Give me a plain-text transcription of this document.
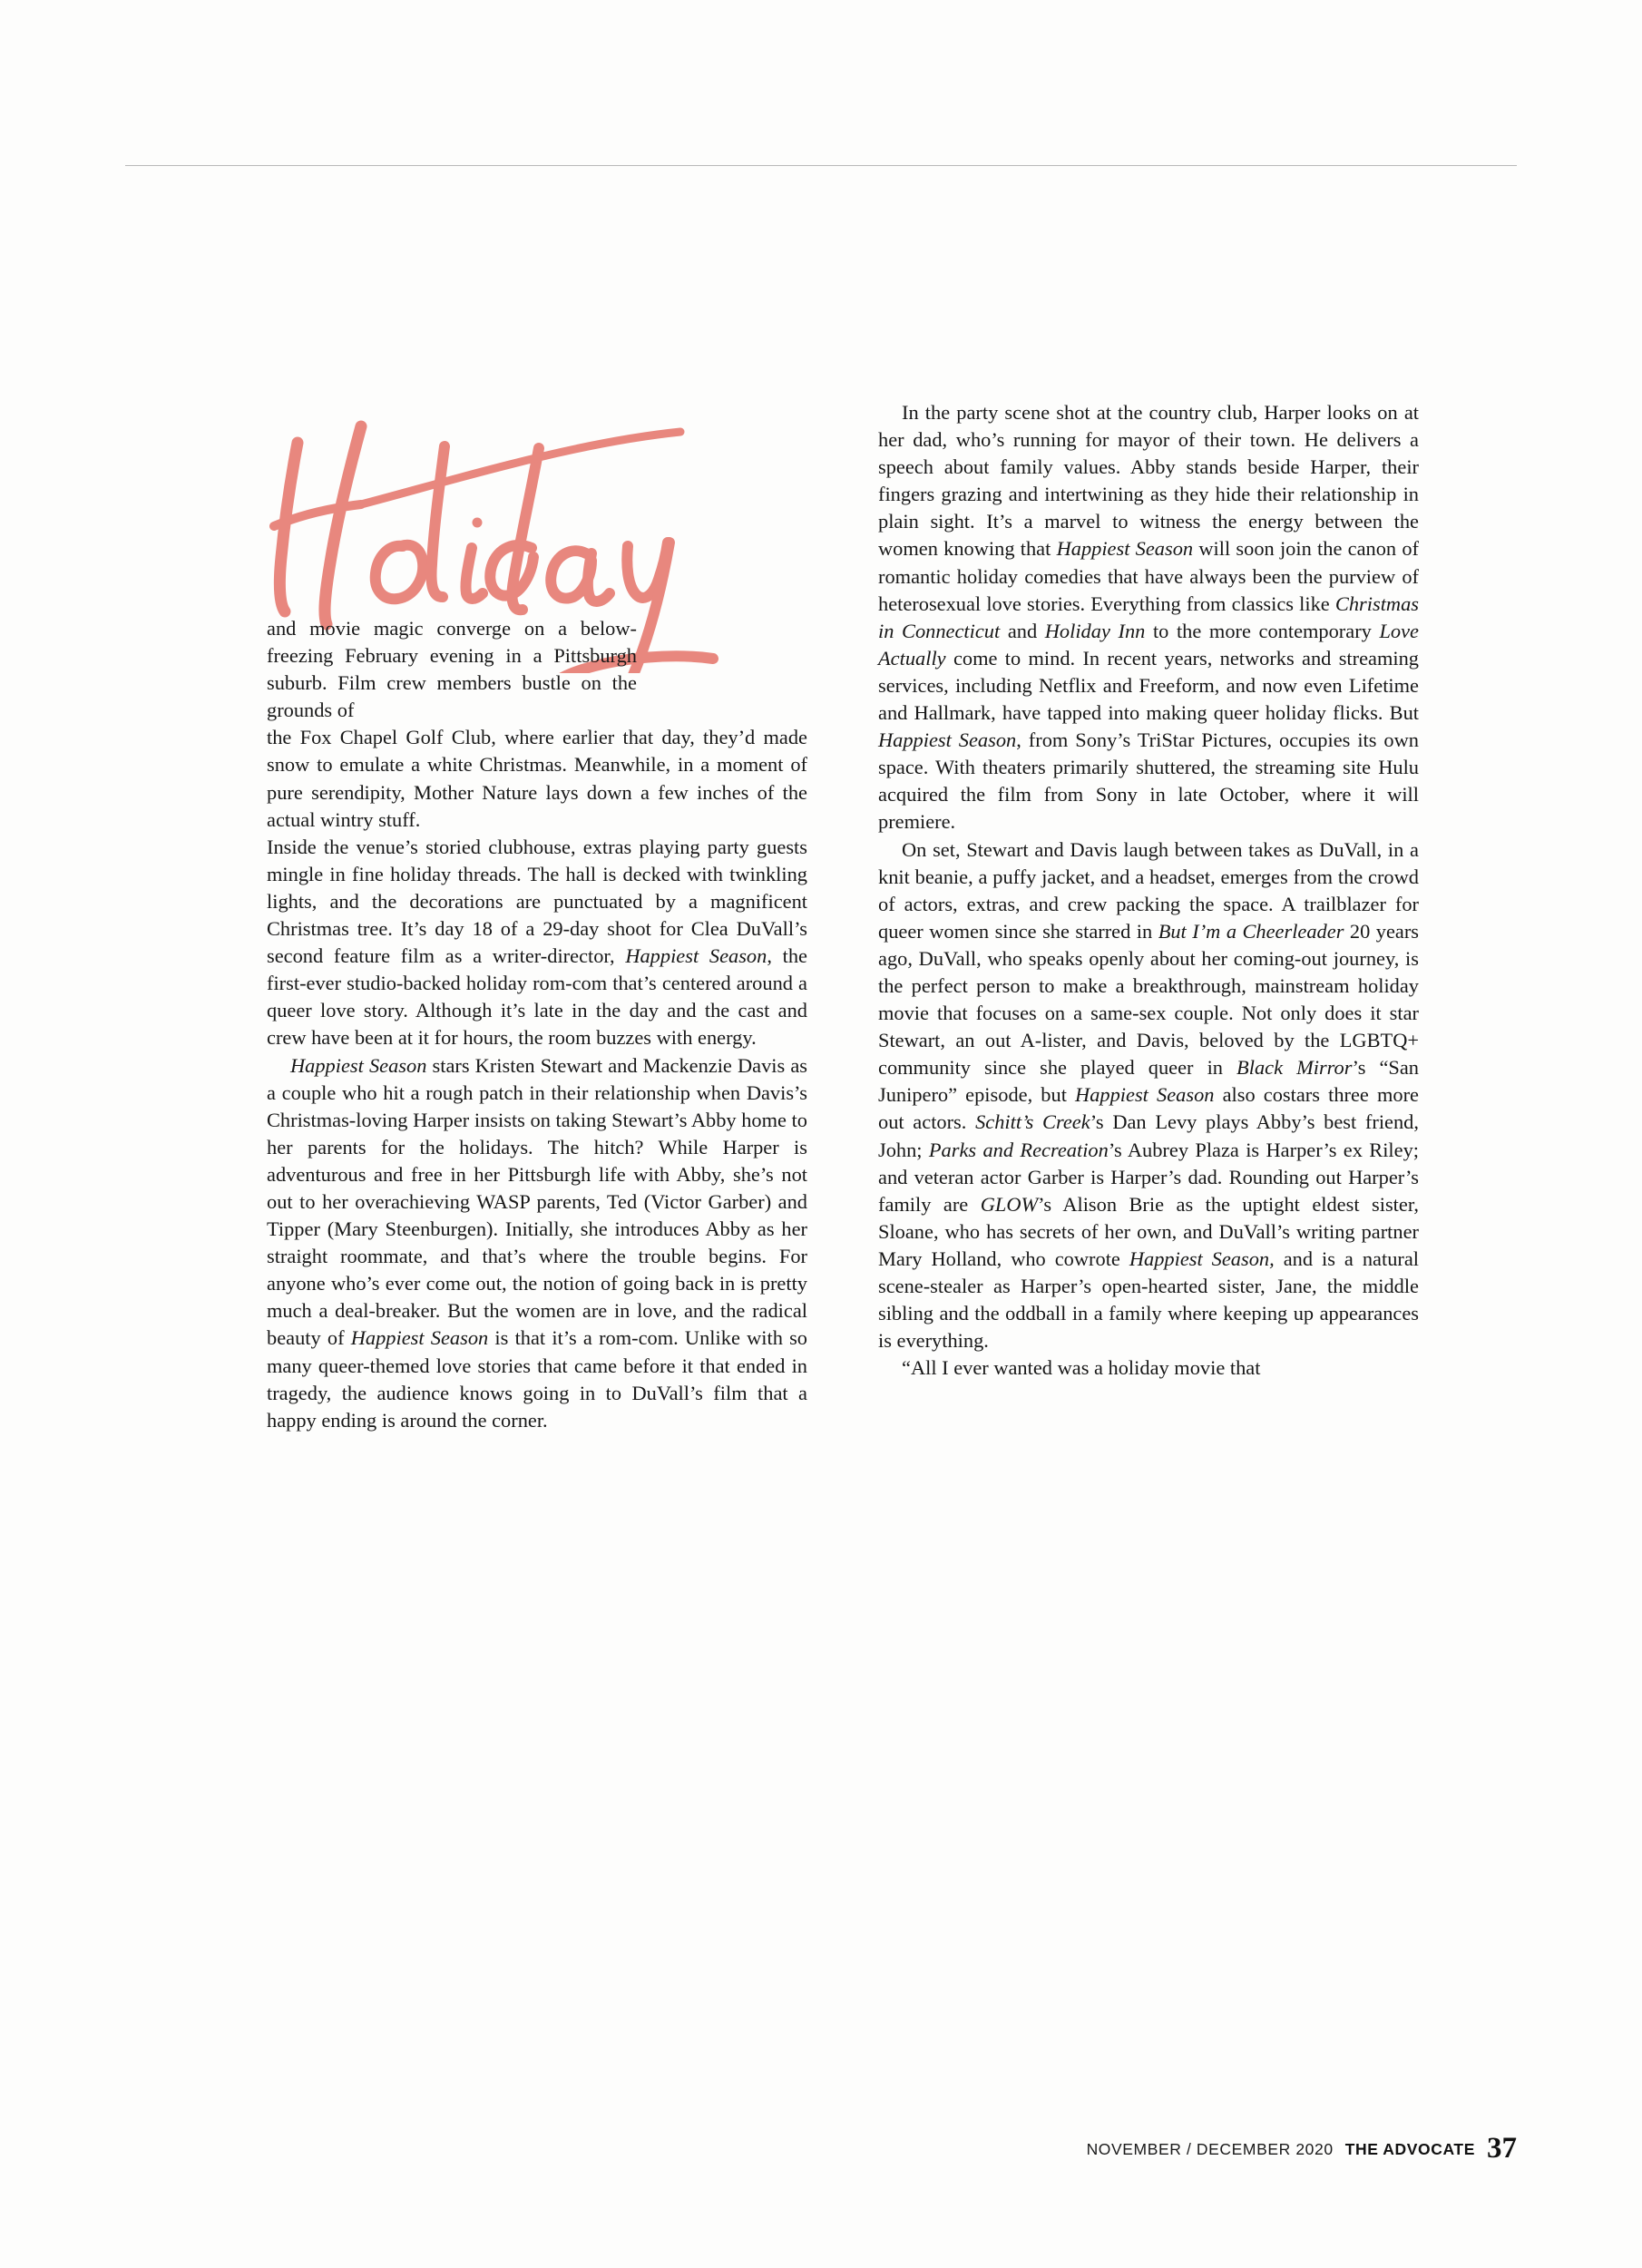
and movie magic converge on a below-freezing February evening in a Pittsburgh suburb. Film crew members bustle on the grounds of

the Fox Chapel Golf Club, where earlier that day, they’d made snow to emulate a white Christmas. Meanwhile, in a moment of pure serendipity, Mother Nature lays down a few inches of the actual wintry stuff.

Inside the venue’s storied clubhouse, extras playing party guests mingle in fine holiday threads. The hall is decked with twinkling lights, and the decorations are punctuated by a magnificent Christmas tree. It’s day 18 of a 29-day shoot for Clea DuVall’s second feature film as a writer-director, Happiest Season, the first-ever studio-backed holiday rom-com that’s centered around a queer love story. Although it’s late in the day and the cast and crew have been at it for hours, the room buzzes with energy.

Happiest Season stars Kristen Stewart and Mackenzie Davis as a couple who hit a rough patch in their relationship when Davis’s Christmas-loving Harper insists on taking Stewart’s Abby home to her parents for the holidays. The hitch? While Harper is adventurous and free in her Pittsburgh life with Abby, she’s not out to her overachieving WASP parents, Ted (Victor Garber) and Tipper (Mary Steenburgen). Initially, she introduces Abby as her straight roommate, and that’s where the trouble begins. For anyone who’s ever come out, the notion of going back in is pretty much a deal-breaker. But the women are in love, and the radical beauty of Happiest Season is that it’s a rom-com. Unlike with so many queer-themed love stories that came before it that ended in tragedy, the audience knows going in to DuVall’s film that a happy ending is around the corner.

In the party scene shot at the country club, Harper looks on at her dad, who’s running for mayor of their town. He delivers a speech about family values. Abby stands beside Harper, their fingers grazing and intertwining as they hide their relationship in plain sight. It’s a marvel to witness the energy between the women knowing that Happiest Season will soon join the canon of romantic holiday comedies that have always been the purview of heterosexual love stories. Everything from classics like Christmas in Connecticut and Holiday Inn to the more contemporary Love Actually come to mind. In recent years, networks and streaming services, including Netflix and Freeform, and now even Lifetime and Hallmark, have tapped into making queer holiday flicks. But Happiest Season, from Sony’s TriStar Pictures, occupies its own space. With theaters primarily shuttered, the streaming site Hulu acquired the film from Sony in late October, where it will premiere.

On set, Stewart and Davis laugh between takes as DuVall, in a knit beanie, a puffy jacket, and a headset, emerges from the crowd of actors, extras, and crew packing the space. A trailblazer for queer women since she starred in But I’m a Cheerleader 20 years ago, DuVall, who speaks openly about her coming-out journey, is the perfect person to make a breakthrough, mainstream holiday movie that focuses on a same-sex couple. Not only does it star Stewart, an out A-lister, and Davis, beloved by the LGBTQ+ community since she played queer in Black Mirror’s “San Junipero” episode, but Happiest Season also costars three more out actors. Schitt’s Creek’s Dan Levy plays Abby’s best friend, John; Parks and Recreation’s Aubrey Plaza is Harper’s ex Riley; and veteran actor Garber is Harper’s dad. Rounding out Harper’s family are GLOW’s Alison Brie as the uptight eldest sister, Sloane, who has secrets of her own, and DuVall’s writing partner Mary Holland, who cowrote Happiest Season, and is a natural scene-stealer as Harper’s open-hearted sister, Jane, the middle sibling and the oddball in a family where keeping up appearances is everything.

“All I ever wanted was a holiday movie that

NOVEMBER / DECEMBER 2020 THE ADVOCATE 37
